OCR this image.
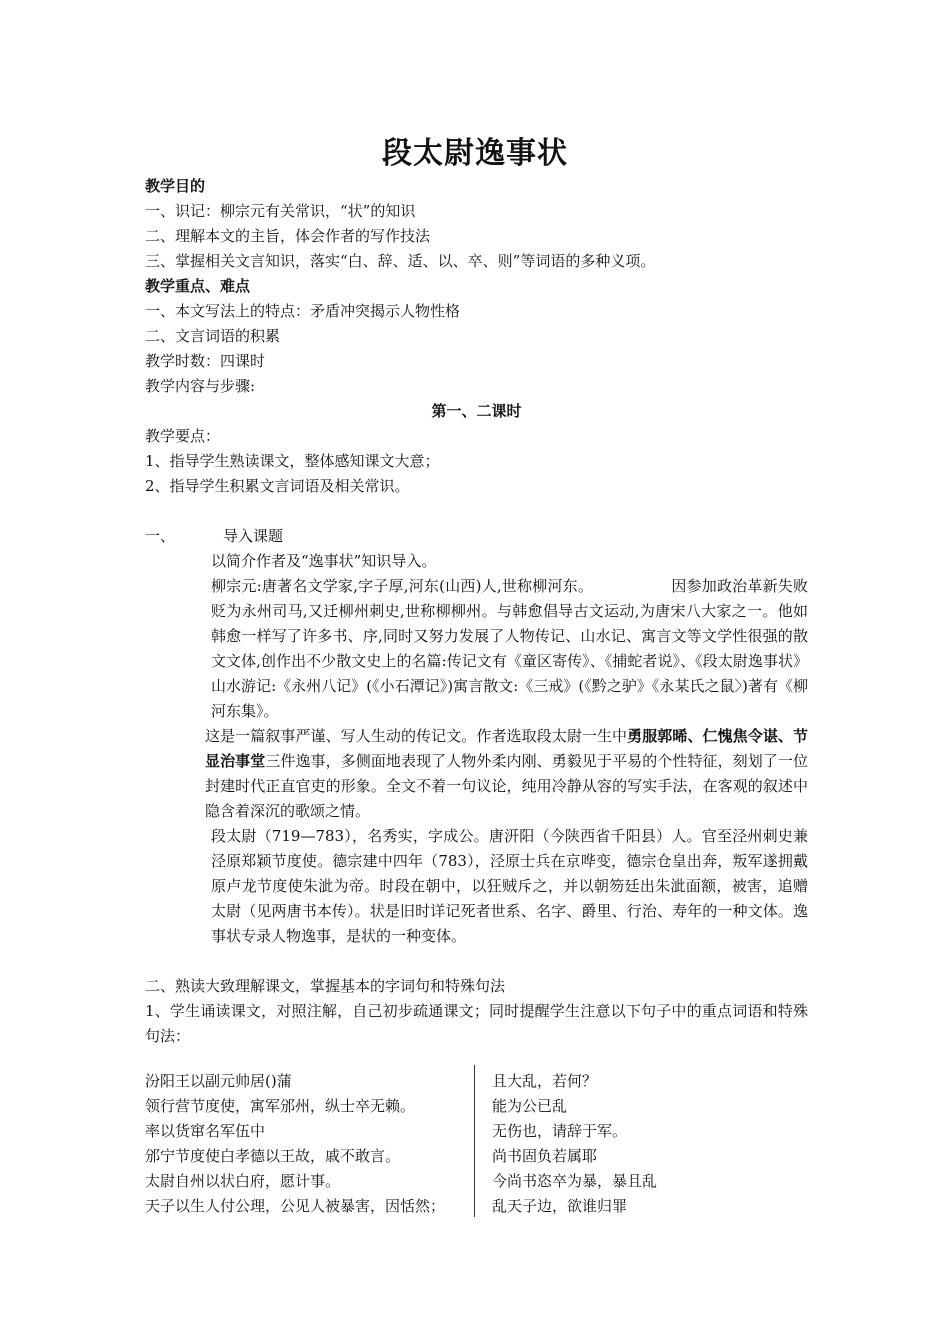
段太尉逸事状
教学目的
一、识记：柳宗元有关常识，“状”的知识
二、理解本文的主旨，体会作者的写作技法
三、掌握相关文言知识，落实“白、辞、适、以、卒、则”等词语的多种义项。
教学重点、难点
一、本文写法上的特点：矛盾冲突揭示人物性格
二、文言词语的积累
教学时数：四课时
教学内容与步骤:
第一、二课时
教学要点：
1、指导学生熟读课文，整体感知课文大意；
2、指导学生积累文言词语及相关常识。
一、	导入课题
以简介作者及“逸事状”知识导入。
柳宗元:唐著名文学家,字子厚,河东(山西)人,世称柳河东。	因参加政治革新失败贬为永州司马,又迁柳州刺史,世称柳柳州。与韩愈倡导古文运动,为唐宋八大家之一。他如韩愈一样写了许多书、序,同时又努力发展了人物传记、山水记、寓言文等文学性很强的散文文体,创作出不少散文史上的名篇:传记文有《童区寄传》、《捕蛇者说》、《段太尉逸事状》山水游记:《永州八记》(《小石潭记》)寓言散文:《三戒》(《黔之驴》《永某氏之鼠〉)著有《柳河东集》。
这是一篇叙事严谨、写人生动的传记文。作者选取段太尉一生中勇服郭晞、仁愧焦令谌、节显治事堂三件逸事，多侧面地表现了人物外柔内刚、勇毅见于平易的个性特征，刻划了一位封建时代正直官吏的形象。全文不着一句议论，纯用冷静从容的写实手法，在客观的叙述中隐含着深沉的歌颂之情。
段太尉（719—783），名秀实，字成公。唐汧阳（今陕西省千阳县）人。官至泾州刺史兼泾原郑颖节度使。德宗建中四年（783），泾原士兵在京哗变，德宗仓皇出奔，叛军遂拥戴原卢龙节度使朱泚为帝。时段在朝中，以狂贼斥之，并以朝笏廷出朱泚面额，被害，追赠太尉（见两唐书本传）。状是旧时详记死者世系、名字、爵里、行治、寿年的一种文体。逸事状专录人物逸事，是状的一种变体。
二、熟读大致理解课文，掌握基本的字词句和特殊句法
1、学生诵读课文，对照注解，自己初步疏通课文；同时提醒学生注意以下句子中的重点词语和特殊句法：
汾阳王以副元帅居()蒲
领行营节度使，寓军邠州，纵士卒无赖。
率以货窜名军伍中
邠宁节度使白孝德以王故，戚不敢言。
太尉自州以状白府，愿计事。
天子以生人付公理，公见人被暴害，因恬然；
且大乱，若何？
能为公已乱
无伤也，请辞于军。
尚书固负若属耶
今尚书恣卒为暴，暴且乱
乱天子边，欲谁归罪
